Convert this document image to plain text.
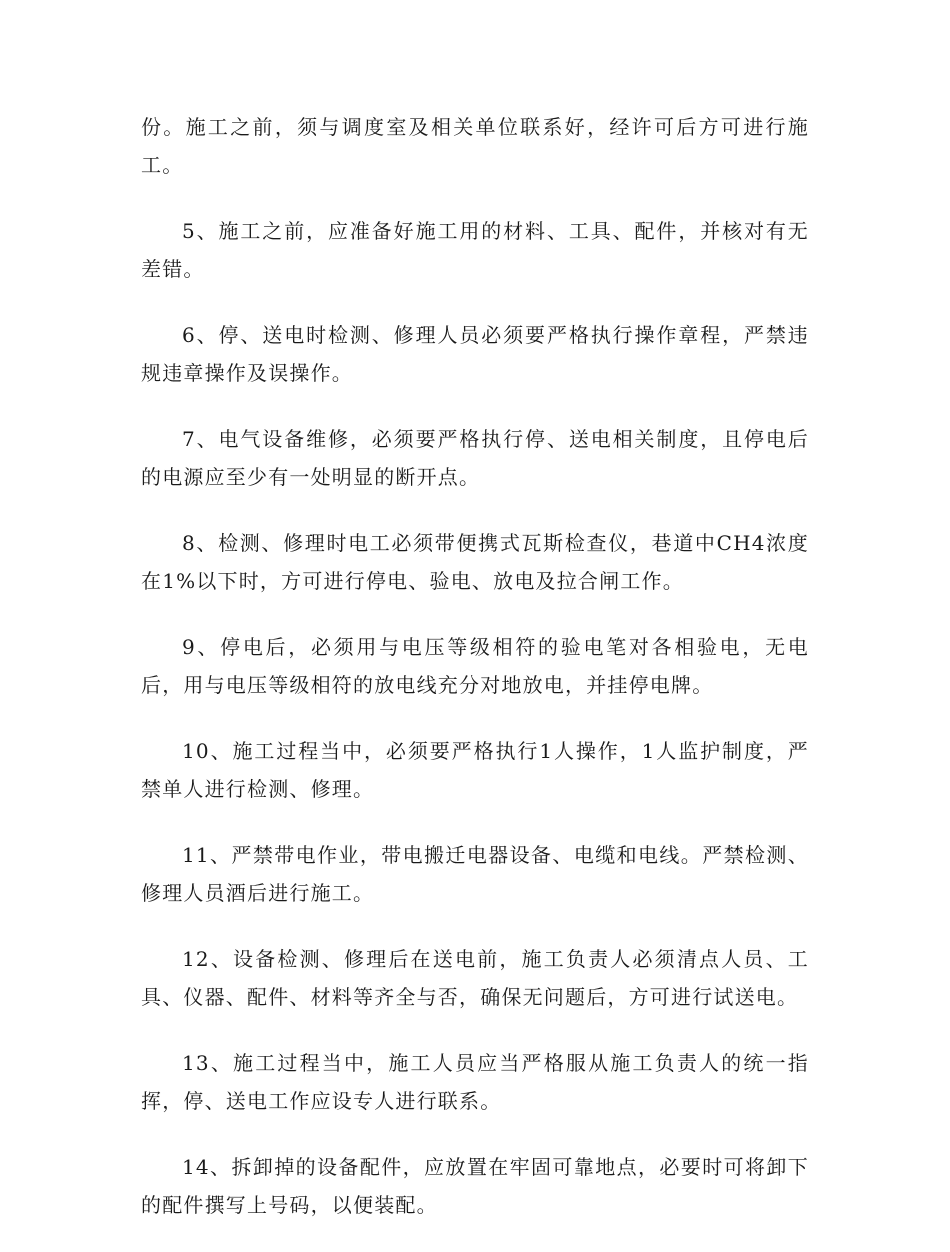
份。施工之前，须与调度室及相关单位联系好，经许可后方可进行施工。

5、施工之前，应准备好施工用的材料、工具、配件，并核对有无差错。

6、停、送电时检测、修理人员必须要严格执行操作章程，严禁违规违章操作及误操作。

7、电气设备维修，必须要严格执行停、送电相关制度，且停电后的电源应至少有一处明显的断开点。

8、检测、修理时电工必须带便携式瓦斯检查仪，巷道中CH4浓度在1%以下时，方可进行停电、验电、放电及拉合闸工作。

9、停电后，必须用与电压等级相符的验电笔对各相验电，无电后，用与电压等级相符的放电线充分对地放电，并挂停电牌。

10、施工过程当中，必须要严格执行1人操作，1人监护制度，严禁单人进行检测、修理。

11、严禁带电作业，带电搬迁电器设备、电缆和电线。严禁检测、修理人员酒后进行施工。

12、设备检测、修理后在送电前，施工负责人必须清点人员、工具、仪器、配件、材料等齐全与否，确保无问题后，方可进行试送电。

13、施工过程当中，施工人员应当严格服从施工负责人的统一指挥，停、送电工作应设专人进行联系。

14、拆卸掉的设备配件，应放置在牢固可靠地点，必要时可将卸下的配件撰写上号码，以便装配。
